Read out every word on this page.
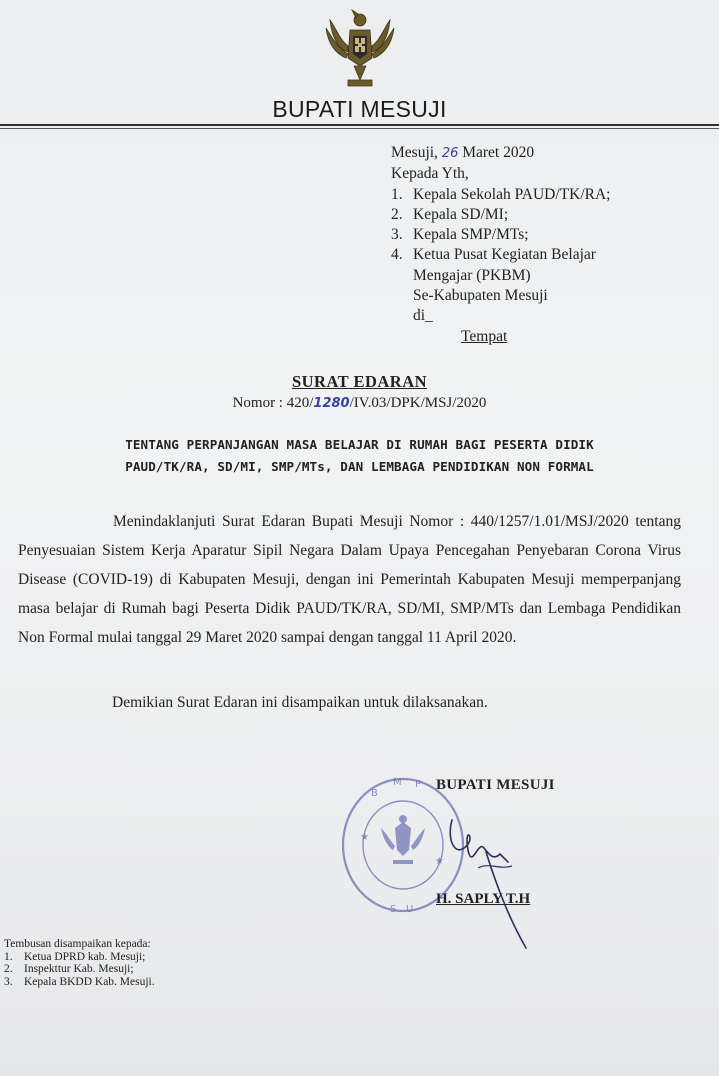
BUPATI MESUJI
Mesuji, 26 Maret 2020
Kepada Yth,
1. Kepala Sekolah PAUD/TK/RA;
2. Kepala SD/MI;
3. Kepala SMP/MTs;
4. Ketua Pusat Kegiatan Belajar
Mengajar (PKBM)
Se-Kabupaten Mesuji
di_
Tempat
SURAT EDARAN
Nomor : 420/1280/IV.03/DPK/MSJ/2020
TENTANG PERPANJANGAN MASA BELAJAR DI RUMAH BAGI PESERTA DIDIK
PAUD/TK/RA, SD/MI, SMP/MTs, DAN LEMBAGA PENDIDIKAN NON FORMAL

Menindaklanjuti Surat Edaran Bupati Mesuji Nomor : 440/1257/1.01/MSJ/2020 tentang Penyesuaian Sistem Kerja Aparatur Sipil Negara Dalam Upaya Pencegahan Penyebaran Corona Virus Disease (COVID-19) di Kabupaten Mesuji, dengan ini Pemerintah Kabupaten Mesuji memperpanjang masa belajar di Rumah bagi Peserta Didik PAUD/TK/RA, SD/MI, SMP/MTs dan Lembaga Pendidikan Non Formal mulai tanggal 29 Maret 2020 sampai dengan tanggal 11 April 2020.

Demikian Surat Edaran ini disampaikan untuk dilaksanakan.
★
★
S U
B
M P BUPATI MESUJI
H. SAPLY T.H
Tembusan disampaikan kepada:
1. Ketua DPRD kab. Mesuji;
2. Inspekttur Kab. Mesuji;
3. Kepala BKDD Kab. Mesuji.
